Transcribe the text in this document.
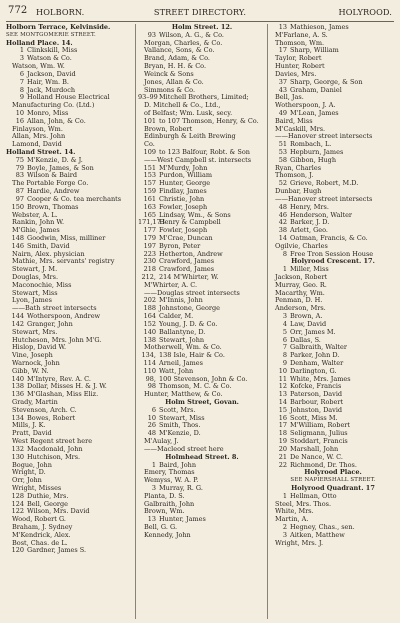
772 HOLBORN.	STREET DIRECTORY.	HOLYROOD.
Holborn Terrace, Kelvinside.
SEE MONTGOMERIE STREET.
Holland Place. 14.
1 Clinkskill, Miss
3 Watson & Co.
Watson, Wm. W.
6 Jackson, David
7 Hair, Wm. B.
8 Jack, Murdoch
9 Holland House Electrical
Manufacturing Co. (Ltd.)
10 Monro, Miss
16 Allan, John, & Co.
Finlayson, Wm.
Allan, Mrs. John
Lamond, David
Holland Street. 14.
75 M'Kenzie, D. & J.
79 Boyle, James, & Son
83 Wilson & Baird
The Portable Forge Co.
87 Hardie, Andrew
97 Cooper & Co. tea merchants
150 Brown, Thomas
Webster, A. L.
Rankin, John W.
M'Ghie, James
148 Goodwin, Miss, milliner
146 Smith, David
Nairn, Alex. physician
Mathie, Mrs. servants' registry
Stewart, J. M.
Douglas, Mrs.
Maconochie, Miss
Stewart, Miss
Lyon, James
——Bath street intersects
144 Wotherspoon, Andrew
142 Granger, John
Stewart, Mrs.
Hutcheson, Mrs. John M'G.
Hislop, David W.
Vine, Joseph
Warnock, John
Gibb, W. N.
140 M'Intyre, Rev. A. C.
138 Dollar, Misses H. & J. W.
136 M'Glashan, Miss Eliz.
Grady, Martin
Stevenson, Arch. C.
134 Bowes, Robert
Mills, J. K.
Pratt, David
West Regent street here
132 Macdonald, John
130 Hutchison, Mrs.
Bogue, John
Wright, D.
Orr, John
Wright, Misses
128 Duthie, Mrs.
124 Bell, George
122 Wilson, Mrs. David
Wood, Robert G.
Braham, J. Sydney
M'Kendrick, Alex.
Bost, Chas. de L.
120 Gardner, James S.
Holm Street. 12.
93 Wilson, A. G., & Co.
Morgan, Charles, & Co.
Vallance, Sons, & Co.
Brand, Adam, & Co.
Bryan, H. H. & Co.
Weinck & Sons
Jones, Allan & Co.
Simmons & Co.
93–99Mitchell Brothers, Limited;
D. Mitchell & Co., Ltd.,
of Belfast; Wm. Lusk, secy.
101 to 107 Thomson, Henry, & Co.
Brown, Robert
Edinburgh & Leith Brewing
Co.
109 to 123 Balfour, Robt. & Son
——West Campbell st. intersects
151 M'Murdy, John
153 Purdon, William
157 Hunter, George
159 Findlay, James
161 Christie, John
163 Fowler, Joseph
165 Lindsay, Wm., & Sons
171,173Henry & Campbell
177 Fowler, Joseph
179 M'Crae, Duncan
197 Byron, Peter
223 Hetherton, Andrew
230 Crawford, James
218 Crawford, James
212, 214 M'Whirter, W.
M'Whirter, A. C.
——Douglas street intersects
202 M'Innis, John
188 Johnstone, George
164 Calder, M.
152 Young, J. D. & Co.
140 Ballantyne, D.
138 Stewart, John
Motherwell, Wm. & Co.
134, 138 Isle, Hair & Co.
114 Arneil, James
110 Watt, John
98, 100 Stevenson, John & Co.
98 Thomson, M. C. & Co.
Hunter, Matthew, & Co.
Holm Street, Govan.
6 Scott, Mrs.
10 Stewart, Miss
26 Smith, Thos.
48 M'Kenzie, D.
M'Aulay, J.
——Macleod street here
Holmhead Street. 8.
1 Baird, John
Emery, Thomas
Wemyss, W. A. P.
3 Murray, R. G.
Planta, D. S.
Galbraith, John
Brown, Wm.
13 Hunter, James
Bell, G. G.
Kennedy, John
13 Mathieson, James
M'Farlane, A. S.
Thomson, Wm.
17 Sharp, William
Taylor, Robert
Hunter, Robert
Davies, Mrs.
37 Sharp, George, & Son
43 Graham, Daniel
Bell, Jas.
Wotherspoon, J. A.
49 M'Lean, James
Baird, Miss
M'Caskill, Mrs.
——Hanover street intersects
51 Rombach, L.
53 Hepburn, James
58 Gibbon, Hugh
Ryan, Charles
Thomson, J.
52 Grieve, Robert, M.D.
Dunbar, Hugh
——Hanover street intersects
48 Henry, Mrs.
46 Henderson, Walter
42 Barker, J. D.
38 Arlett, Geo.
14 Oatman, Francis, & Co.
Ogilvie, Charles
8 Free Tron Session House
Holyrood Crescent. 17.
1 Miller, Miss
Jackson, Robert
Murray, Geo. R.
Macarthy, Wm.
Penman, D. H.
Anderson, Mrs.
3 Brown, A.
4 Law, David
5 Orr, James M.
6 Dallas, S.
7 Galbraith, Walter
8 Parker, John D.
9 Denham, Walter
10 Darlington, G.
11 White, Mrs. James
12 Kofcke, Francis
13 Paterson, David
14 Barbour, Robert
15 Johnston, David
16 Scott, Miss M.
17 M'William, Robert
18 Seligmann, Julius
19 Stoddart, Francis
20 Marshall, John
21 De Nance, W. C.
22 Richmond, Dr. Thos.
Holyrood Place.
SEE NAPIERSHALL STREET.
Holyrood Quadrant. 17
1 Hellman, Otto
Steel, Mrs. Thos.
White, Mrs.
Martin, A.
2 Hegney, Chas., sen.
3 Aitken, Matthew
Wright, Mrs. J.
